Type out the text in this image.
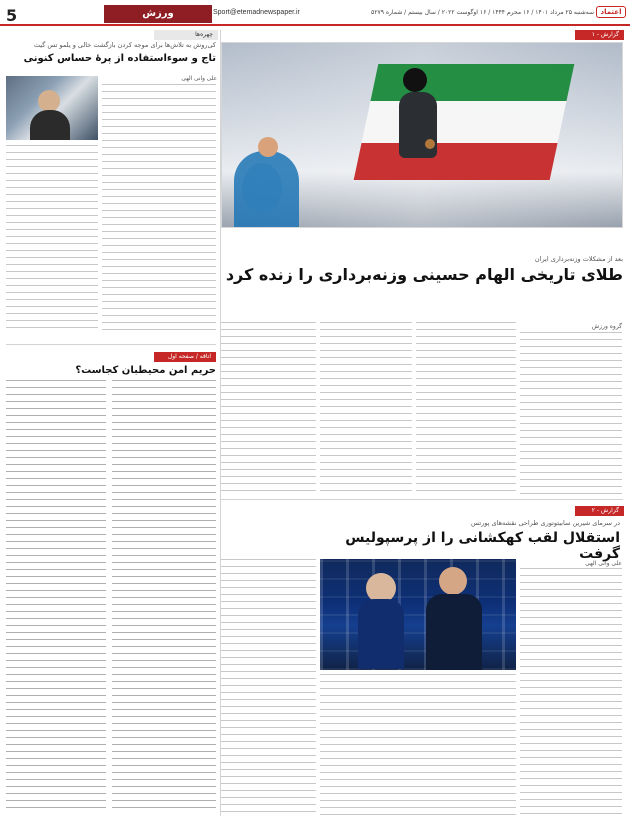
5	ورزش	Sport@etemadnewspaper.ir	سه‌شنبه ۲۵ مرداد ۱۴۰۱ / ۱۶ محرم ۱۴۴۴ / ۱۶ اوگوست ۲۰۲۲ / سال بیستم / شماره ۵۲۷۹ اعتماد
چهره‌ها
کی‌روش به تلاش‌ها برای موجه کردن بازگشت خالی و یلمو تس گیت
تاج و سوءاستفاده از پرهٔ حساس کنونی
علی وانی الهی
اتاقه / صفحه اول
حریم امن محیطبان کجاست؟
گزارش - ۱
بعد از مشکلات وزنه‌برداری ایران
طلای تاریخی الهام حسینی وزنه‌برداری را زنده کرد
گروه ورزش
گزارش - ۲
در سرمای شیرین سابیتوتوری طراحی نقشه‌های پورتس
استقلال لقب کهکشانی را از پرسپولیس گرفت
علی وانی الهی
